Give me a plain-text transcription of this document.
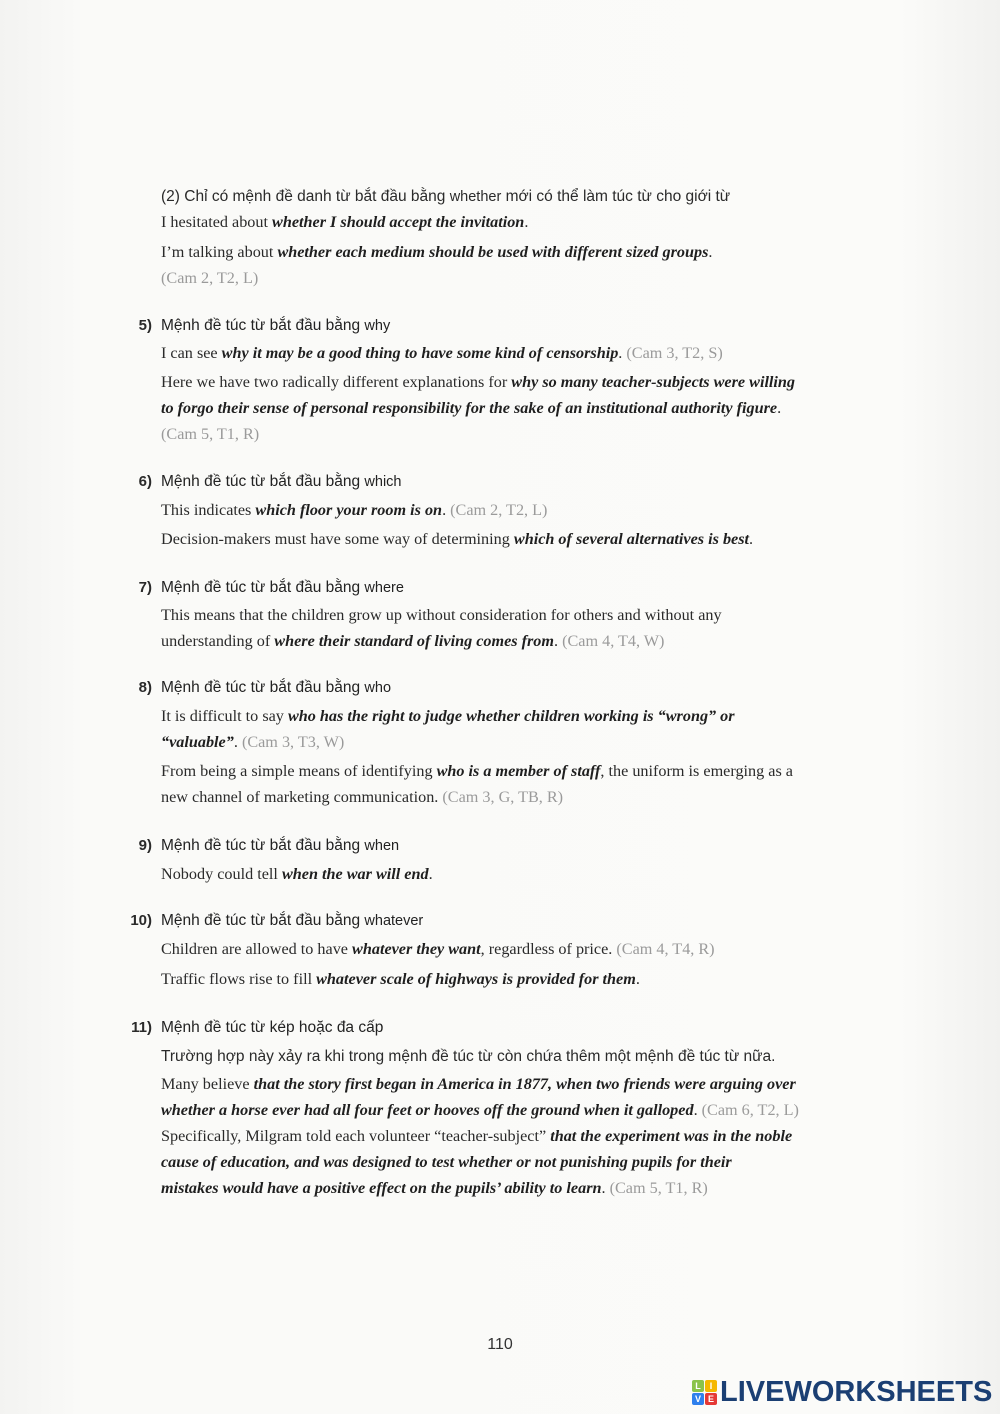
(2) Chỉ có mệnh đề danh từ bắt đầu bằng whether mới có thể làm túc từ cho giới từ
I hesitated about whether I should accept the invitation.
I’m talking about whether each medium should be used with different sized groups.
(Cam 2, T2, L)
I can see why it may be a good thing to have some kind of censorship. (Cam 3, T2, S)
Here we have two radically different explanations for why so many teacher-subjects were willing
to forgo their sense of personal responsibility for the sake of an institutional authority figure.
(Cam 5, T1, R)
This indicates which floor your room is on. (Cam 2, T2, L)
Decision-makers must have some way of determining which of several alternatives is best.
This means that the children grow up without consideration for others and without any
understanding of where their standard of living comes from. (Cam 4, T4, W)
It is difficult to say who has the right to judge whether children working is “wrong” or
“valuable”. (Cam 3, T3, W)
From being a simple means of identifying who is a member of staff, the uniform is emerging as a
new channel of marketing communication. (Cam 3, G, TB, R)
Nobody could tell when the war will end.
Children are allowed to have whatever they want, regardless of price. (Cam 4, T4, R)
Traffic flows rise to fill whatever scale of highways is provided for them.
Trường hợp này xảy ra khi trong mệnh đề túc từ còn chứa thêm một mệnh đề túc từ nữa.
Many believe that the story first began in America in 1877, when two friends were arguing over
whether a horse ever had all four feet or hooves off the ground when it galloped. (Cam 6, T2, L)
Specifically, Milgram told each volunteer “teacher-subject” that the experiment was in the noble
cause of education, and was designed to test whether or not punishing pupils for their
mistakes would have a positive effect on the pupils’ ability to learn. (Cam 5, T1, R)
5) Mệnh đề túc từ bắt đầu bằng why
6) Mệnh đề túc từ bắt đầu bằng which
7) Mệnh đề túc từ bắt đầu bằng where
8) Mệnh đề túc từ bắt đầu bằng who
9) Mệnh đề túc từ bắt đầu bằng when
10) Mệnh đề túc từ bắt đầu bằng whatever
11) Mệnh đề túc từ kép hoặc đa cấp
110
L I
V E LIVEWORKSHEETS
